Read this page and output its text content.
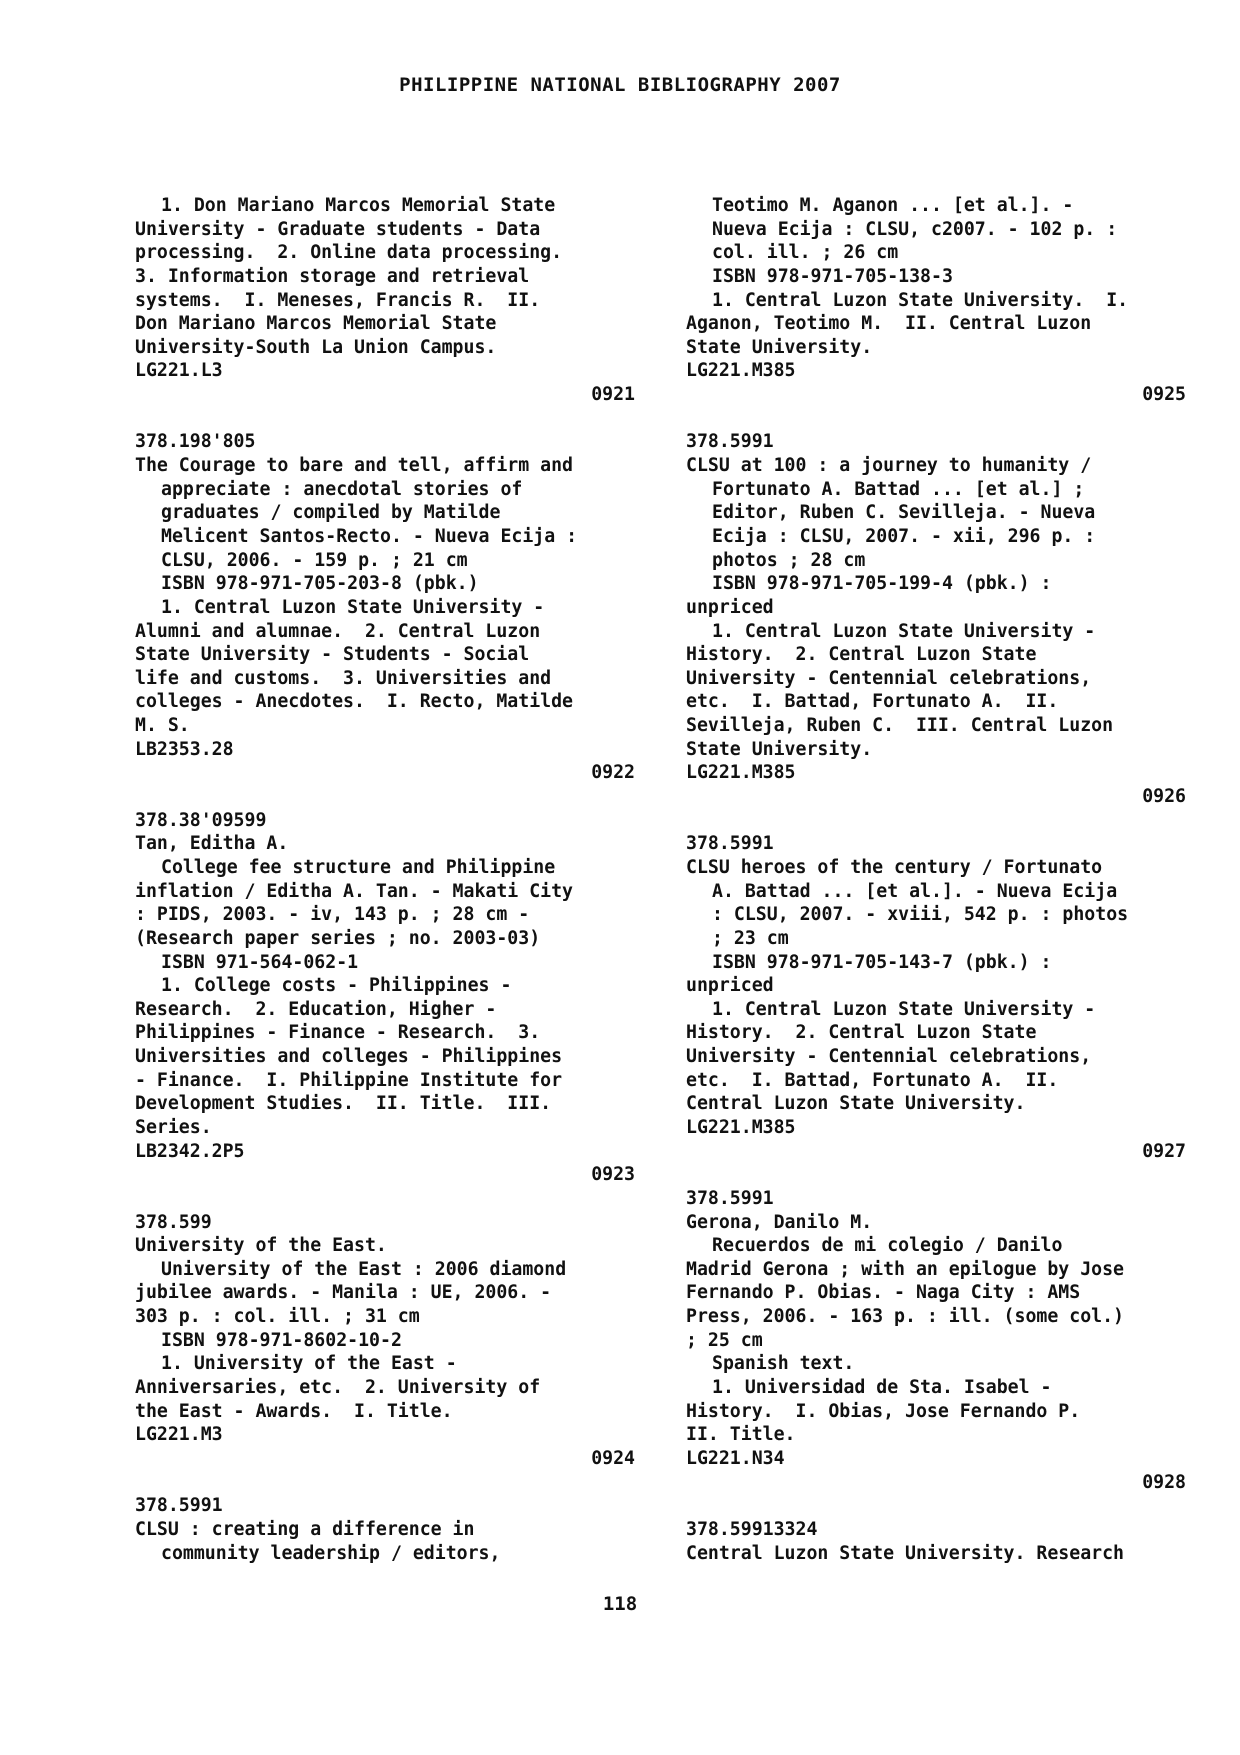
PHILIPPINE NATIONAL BIBLIOGRAPHY 2007
1. Don Mariano Marcos Memorial State
University - Graduate students - Data
processing.  2. Online data processing.
3. Information storage and retrieval
systems.  I. Meneses, Francis R.  II.
Don Mariano Marcos Memorial State
University-South La Union Campus.
LG221.L3
0921
378.198'805
The Courage to bare and tell, affirm and
appreciate : anecdotal stories of
graduates / compiled by Matilde
Melicent Santos-Recto. - Nueva Ecija :
CLSU, 2006. - 159 p. ; 21 cm
ISBN 978-971-705-203-8 (pbk.)
1. Central Luzon State University -
Alumni and alumnae.  2. Central Luzon
State University - Students - Social
life and customs.  3. Universities and
colleges - Anecdotes.  I. Recto, Matilde
M. S.
LB2353.28
0922
378.38'09599
Tan, Editha A.
College fee structure and Philippine
inflation / Editha A. Tan. - Makati City
: PIDS, 2003. - iv, 143 p. ; 28 cm -
(Research paper series ; no. 2003-03)
ISBN 971-564-062-1
1. College costs - Philippines -
Research.  2. Education, Higher -
Philippines - Finance - Research.  3.
Universities and colleges - Philippines
- Finance.  I. Philippine Institute for
Development Studies.  II. Title.  III.
Series.
LB2342.2P5
0923
378.599
University of the East.
University of the East : 2006 diamond
jubilee awards. - Manila : UE, 2006. -
303 p. : col. ill. ; 31 cm
ISBN 978-971-8602-10-2
1. University of the East -
Anniversaries, etc.  2. University of
the East - Awards.  I. Title.
LG221.M3
0924
378.5991
CLSU : creating a difference in
community leadership / editors,
Teotimo M. Aganon ... [et al.]. -
Nueva Ecija : CLSU, c2007. - 102 p. :
col. ill. ; 26 cm
ISBN 978-971-705-138-3
1. Central Luzon State University.  I.
Aganon, Teotimo M.  II. Central Luzon
State University.
LG221.M385
0925
378.5991
CLSU at 100 : a journey to humanity /
Fortunato A. Battad ... [et al.] ;
Editor, Ruben C. Sevilleja. - Nueva
Ecija : CLSU, 2007. - xii, 296 p. :
photos ; 28 cm
ISBN 978-971-705-199-4 (pbk.) :
unpriced
1. Central Luzon State University -
History.  2. Central Luzon State
University - Centennial celebrations,
etc.  I. Battad, Fortunato A.  II.
Sevilleja, Ruben C.  III. Central Luzon
State University.
LG221.M385
0926
378.5991
CLSU heroes of the century / Fortunato
A. Battad ... [et al.]. - Nueva Ecija
: CLSU, 2007. - xviii, 542 p. : photos
; 23 cm
ISBN 978-971-705-143-7 (pbk.) :
unpriced
1. Central Luzon State University -
History.  2. Central Luzon State
University - Centennial celebrations,
etc.  I. Battad, Fortunato A.  II.
Central Luzon State University.
LG221.M385
0927
378.5991
Gerona, Danilo M.
Recuerdos de mi colegio / Danilo
Madrid Gerona ; with an epilogue by Jose
Fernando P. Obias. - Naga City : AMS
Press, 2006. - 163 p. : ill. (some col.)
; 25 cm
Spanish text.
1. Universidad de Sta. Isabel -
History.  I. Obias, Jose Fernando P.
II. Title.
LG221.N34
0928
378.59913324
Central Luzon State University. Research
118
